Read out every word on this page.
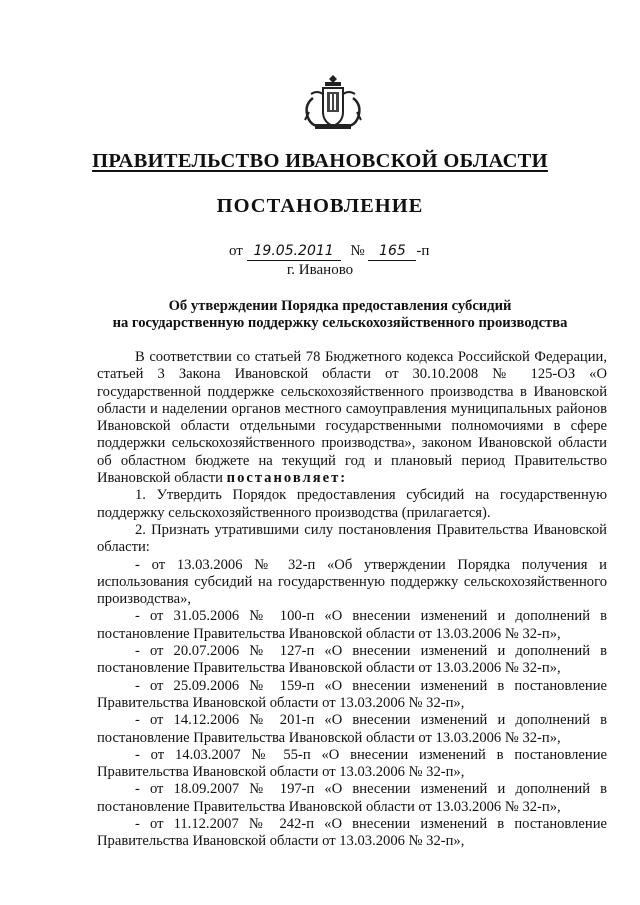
ПРАВИТЕЛЬСТВО ИВАНОВСКОЙ ОБЛАСТИ
ПОСТАНОВЛЕНИЕ
от 19.05.2011 № 165 -п
г. Иваново
Об утверждении Порядка предоставления субсидий
на государственную поддержку сельскохозяйственного производства

В соответствии со статьей 78 Бюджетного кодекса Российской Федерации, статьей 3 Закона Ивановской области от 30.10.2008 № 125-ОЗ «О государственной поддержке сельскохозяйственного производства в Ивановской области и наделении органов местного самоуправления муниципальных районов Ивановской области отдельными государственными полномочиями в сфере поддержки сельскохозяйственного производства», законом Ивановской области об областном бюджете на текущий год и плановый период Правительство Ивановской области постановляет:

1. Утвердить Порядок предоставления субсидий на государственную поддержку сельскохозяйственного производства (прилагается).

2. Признать утратившими силу постановления Правительства Ивановской области:

- от 13.03.2006 № 32-п «Об утверждении Порядка получения и использования субсидий на государственную поддержку сельскохозяйственного производства»,

- от 31.05.2006 № 100-п «О внесении изменений и дополнений в постановление Правительства Ивановской области от 13.03.2006 № 32-п»,

- от 20.07.2006 № 127-п «О внесении изменений и дополнений в постановление Правительства Ивановской области от 13.03.2006 № 32-п»,

- от 25.09.2006 № 159-п «О внесении изменений в постановление Правительства Ивановской области от 13.03.2006 № 32-п»,

- от 14.12.2006 № 201-п «О внесении изменений и дополнений в постановление Правительства Ивановской области от 13.03.2006 № 32-п»,

- от 14.03.2007 № 55-п «О внесении изменений в постановление Правительства Ивановской области от 13.03.2006 № 32-п»,

- от 18.09.2007 № 197-п «О внесении изменений и дополнений в постановление Правительства Ивановской области от 13.03.2006 № 32-п»,

- от 11.12.2007 № 242-п «О внесении изменений в постановление Правительства Ивановской области от 13.03.2006 № 32-п»,
